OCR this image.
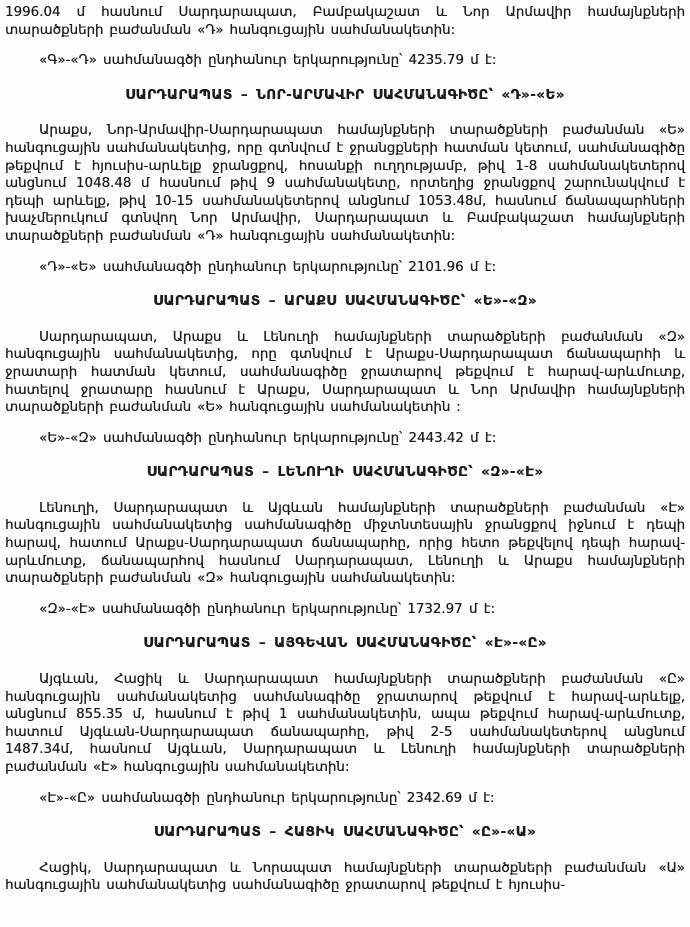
1996.04 մ հասնում Սարդարապատ, Բամբակաշատ և Նոր Արմավիր համայնքների տարածքների բաժանման «Դ» հանգուցային սահմանակետին:

«Գ»-«Դ» սահմանագծի ընդհանուր երկարությունը՝ 4235.79 մ է:

ՍԱՐԴԱՐԱՊԱՏ – ՆՈՐ-ԱՐՄԱՎԻՐ ՍԱՀՄԱՆԱԳԻԾԸ՝ «Դ»-«Ե»

Արաքս, Նոր-Արմավիր-Սարդարապատ համայնքների տարածքների բաժանման «Ե» հանգուցային սահմանակետից, որը գտնվում է ջրանցքների հատման կետում, սահմանագիծը թեքվում է հյուսիս-արևելք ջրանցքով, հոսանքի ուղղությամբ, թիվ 1-8 սահմանակետերով անցնում 1048.48 մ հասնում թիվ 9 սահմանակետը, որտեղից ջրանցքով շարունակվում է դեպի արևելք, թիվ 10-15 սահմանակետերով անցնում 1053.48մ, հասնում ճանապարհների խաչմերուկում գտնվող Նոր Արմավիր, Սարդարապատ և Բամբակաշատ համայնքների տարածքների բաժանման «Դ» հանգուցային սահմանակետին:

«Դ»-«Ե» սահմանագծի ընդհանուր երկարությունը՝ 2101.96 մ է:

ՍԱՐԴԱՐԱՊԱՏ – ԱՐԱՔՍ ՍԱՀՄԱՆԱԳԻԾԸ՝ «Ե»-«Զ»

Սարդարապատ, Արաքս և Լենուղի համայնքների տարածքների բաժանման «Զ» հանգուցային սահմանակետից, որը գտնվում է Արաքս-Սարդարապատ ճանապարհի և ջրատարի հատման կետում, սահմանագիծը ջրատարով թեքվում է հարավ-արևմուտք, հատելով ջրատարը հասնում է Արաքս, Սարդարապատ և Նոր Արմավիր համայնքների տարածքների բաժանման «Ե» հանգուցային սահմանակետին :

«Ե»-«Զ» սահմանագծի ընդհանուր երկարությունը՝ 2443.42 մ է:

ՍԱՐԴԱՐԱՊԱՏ – ԼԵՆՈՒՂԻ ՍԱՀՄԱՆԱԳԻԾԸ՝ «Զ»-«Է»

Լենուղի, Սարդարապատ և Այգևան համայնքների տարածքների բաժանման «Է» հանգուցային սահմանակետից սահմանագիծը միջտնտեսային ջրանցքով իջնում է դեպի հարավ, հատում Արաքս-Սարդարապատ ճանապարհը, որից հետո թեքվելով դեպի հարավ-արևմուտք, ճանապարհով հասնում Սարդարապատ, Լենուղի և Արաքս համայնքների տարածքների բաժանման «Զ» հանգուցային սահմանակետին:

«Զ»-«Է» սահմանագծի ընդհանուր երկարությունը՝ 1732.97 մ է:

ՍԱՐԴԱՐԱՊԱՏ – ԱՅԳԵՎԱՆ ՍԱՀՄԱՆԱԳԻԾԸ՝ «Է»-«Ը»

Այգևան, Հացիկ և Սարդարապատ համայնքների տարածքների բաժանման «Ը» հանգուցային սահմանակետից սահմանագիծը ջրատարով թեքվում է հարավ-արևելք, անցնում 855.35 մ, հասնում է թիվ 1 սահմանակետին, ապա թեքվում հարավ-արևմուտք, հատում Այգևան-Սարդարապատ ճանապարհը, թիվ 2-5 սահմանակետերով անցնում 1487.34մ, հասնում Այգևան, Սարդարապատ և Լենուղի համայնքների տարածքների բաժանման «Է» հանգուցային սահմանակետին:

«Է»-«Ը» սահմանագծի ընդհանուր երկարությունը՝ 2342.69 մ է:

ՍԱՐԴԱՐԱՊԱՏ – ՀԱՑԻԿ ՍԱՀՄԱՆԱԳԻԾԸ՝ «Ը»-«Ա»

Հացիկ, Սարդարապատ և Նորապատ համայնքների տարածքների բաժանման «Ա» հանգուցային սահմանակետից սահմանագիծը ջրատարով թեքվում է հյուսիս-
